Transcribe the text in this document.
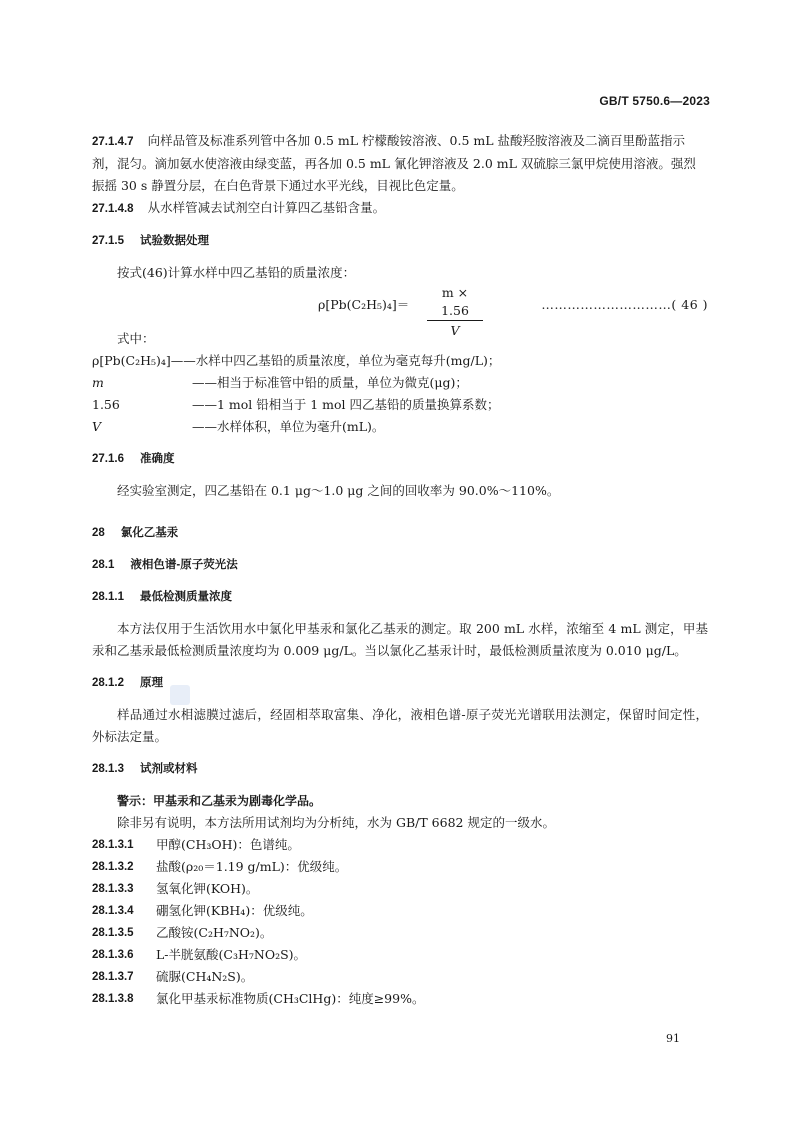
GB/T 5750.6—2023
27.1.4.7 向样品管及标准系列管中各加 0.5 mL 柠檬酸铵溶液、0.5 mL 盐酸羟胺溶液及二滴百里酚蓝指示剂，混匀。滴加氨水使溶液由绿变蓝，再各加 0.5 mL 氰化钾溶液及 2.0 mL 双硫腙三氯甲烷使用溶液。强烈振摇 30 s 静置分层，在白色背景下通过水平光线，目视比色定量。
27.1.4.8 从水样管减去试剂空白计算四乙基铅含量。
27.1.5 试验数据处理
按式(46)计算水样中四乙基铅的质量浓度：
$\rho[Pb(C_2H_5)_4]= \frac{m \times 1.56}{V}$	…………………………( 46 )
式中：
ρ[Pb(C₂H₅)₄] ——水样中四乙基铅的质量浓度，单位为毫克每升(mg/L)；
m	——相当于标准管中铅的质量，单位为微克(μg)；
1.56	——1 mol 铅相当于 1 mol 四乙基铅的质量换算系数；
V	——水样体积，单位为毫升(mL)。
27.1.6 准确度
经实验室测定，四乙基铅在 0.1 μg～1.0 μg 之间的回收率为 90.0%～110%。
28 氯化乙基汞
28.1 液相色谱-原子荧光法
28.1.1 最低检测质量浓度
本方法仅用于生活饮用水中氯化甲基汞和氯化乙基汞的测定。取 200 mL 水样，浓缩至 4 mL 测定，甲基汞和乙基汞最低检测质量浓度均为 0.009 μg/L。当以氯化乙基汞计时，最低检测质量浓度为 0.010 μg/L。
28.1.2 原理
样品通过水相滤膜过滤后，经固相萃取富集、净化，液相色谱-原子荧光光谱联用法测定，保留时间定性，外标法定量。
28.1.3 试剂或材料
警示：甲基汞和乙基汞为剧毒化学品。
除非另有说明，本方法所用试剂均为分析纯，水为 GB/T 6682 规定的一级水。
28.1.3.1	甲醇(CH₃OH)：色谱纯。
28.1.3.2	盐酸(ρ₂₀＝1.19 g/mL)：优级纯。
28.1.3.3	氢氧化钾(KOH)。
28.1.3.4	硼氢化钾(KBH₄)：优级纯。
28.1.3.5	乙酸铵(C₂H₇NO₂)。
28.1.3.6	L-半胱氨酸(C₃H₇NO₂S)。
28.1.3.7	硫脲(CH₄N₂S)。
28.1.3.8	氯化甲基汞标准物质(CH₃ClHg)：纯度≥99%。
91
